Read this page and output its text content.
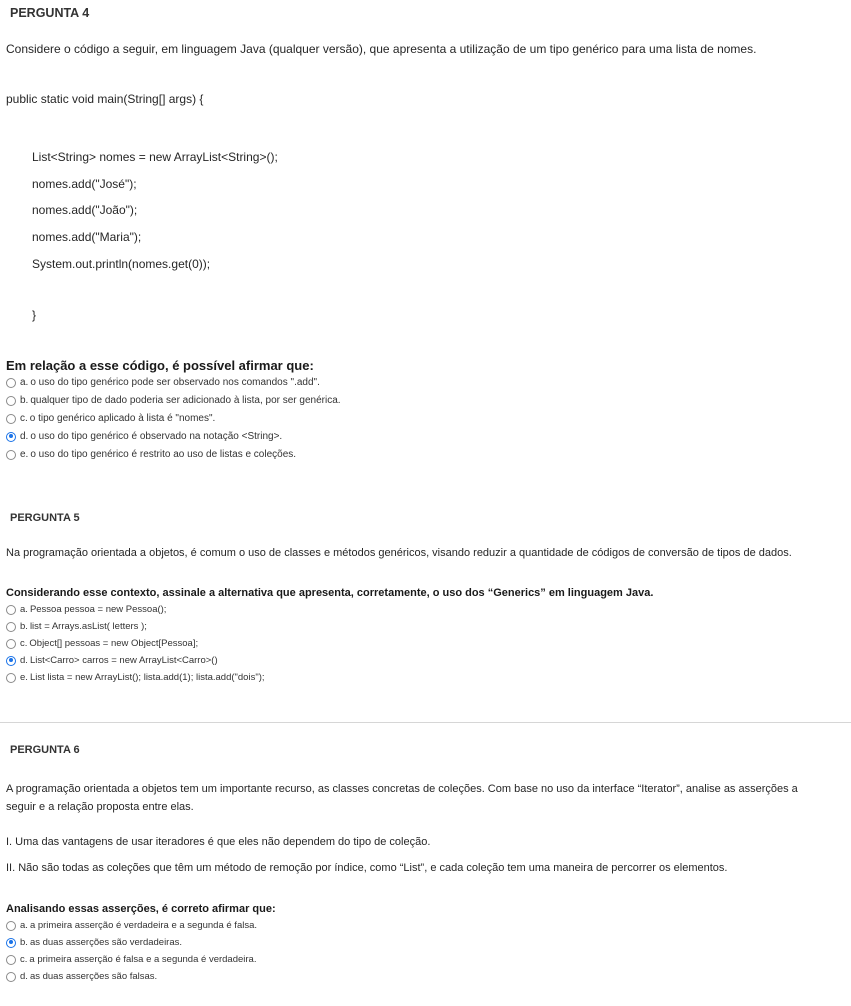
PERGUNTA 4
Considere o código a seguir, em linguagem Java (qualquer versão), que apresenta a utilização de um tipo genérico para uma lista de nomes.
public static void main(String[] args) {
List<String> nomes = new ArrayList<String>();
nomes.add("José");
nomes.add("João");
nomes.add("Maria");
System.out.println(nomes.get(0));
}
Em relação a esse código, é possível afirmar que:
a. o uso do tipo genérico pode ser observado nos comandos ".add".
b. qualquer tipo de dado poderia ser adicionado à lista, por ser genérica.
c. o tipo genérico aplicado à lista é "nomes".
d. o uso do tipo genérico é observado na notação <String>.
e. o uso do tipo genérico é restrito ao uso de listas e coleções.
PERGUNTA 5
Na programação orientada a objetos, é comum o uso de classes e métodos genéricos, visando reduzir a quantidade de códigos de conversão de tipos de dados.
Considerando esse contexto, assinale a alternativa que apresenta, corretamente, o uso dos “Generics” em linguagem Java.
a. Pessoa pessoa = new Pessoa();
b. list = Arrays.asList( letters );
c. Object[] pessoas = new Object[Pessoa];
d. List<Carro> carros = new ArrayList<Carro>()
e. List lista = new ArrayList(); lista.add(1); lista.add("dois");
PERGUNTA 6
A programação orientada a objetos tem um importante recurso, as classes concretas de coleções. Com base no uso da interface “Iterator”, analise as asserções a
seguir e a relação proposta entre elas.
I. Uma das vantagens de usar iteradores é que eles não dependem do tipo de coleção.
II. Não são todas as coleções que têm um método de remoção por índice, como “List”, e cada coleção tem uma maneira de percorrer os elementos.
Analisando essas asserções, é correto afirmar que:
a. a primeira asserção é verdadeira e a segunda é falsa.
b. as duas asserções são verdadeiras.
c. a primeira asserção é falsa e a segunda é verdadeira.
d. as duas asserções são falsas.
